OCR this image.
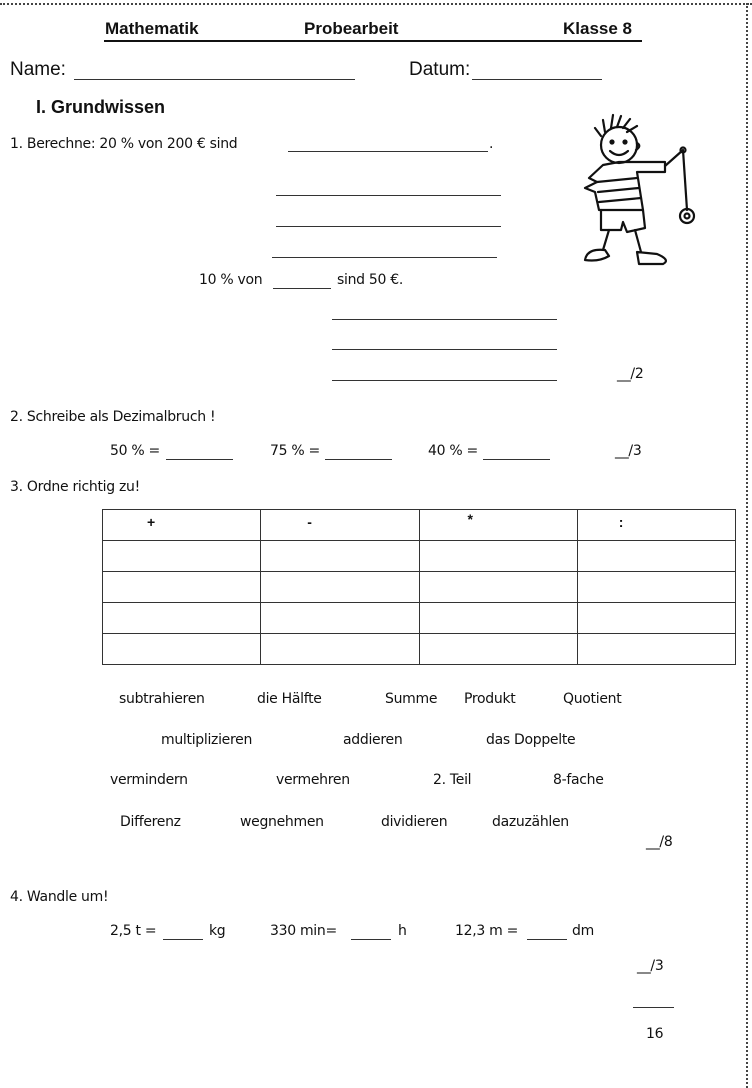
Mathematik	Probearbeit	Klasse 8
Name:	Datum:
I. Grundwissen
1. Berechne: 20 % von 200 € sind	.
10 % von	sind 50 €.
__/2
2. Schreibe als Dezimalbruch !
50 % =	75 % =	40 % =	__/3
3. Ordne richtig zu!
+	-	*	:

subtrahieren	die Hälfte	Summe Produkt	Quotient
multiplizieren	addieren	das Doppelte
vermindern	vermehren	2. Teil	8-fache
Differenz	wegnehmen	dividieren	dazuzählen
__/8
4. Wandle um!
2,5 t =	kg	330 min=	h	12,3 m =	dm
__/3
16
